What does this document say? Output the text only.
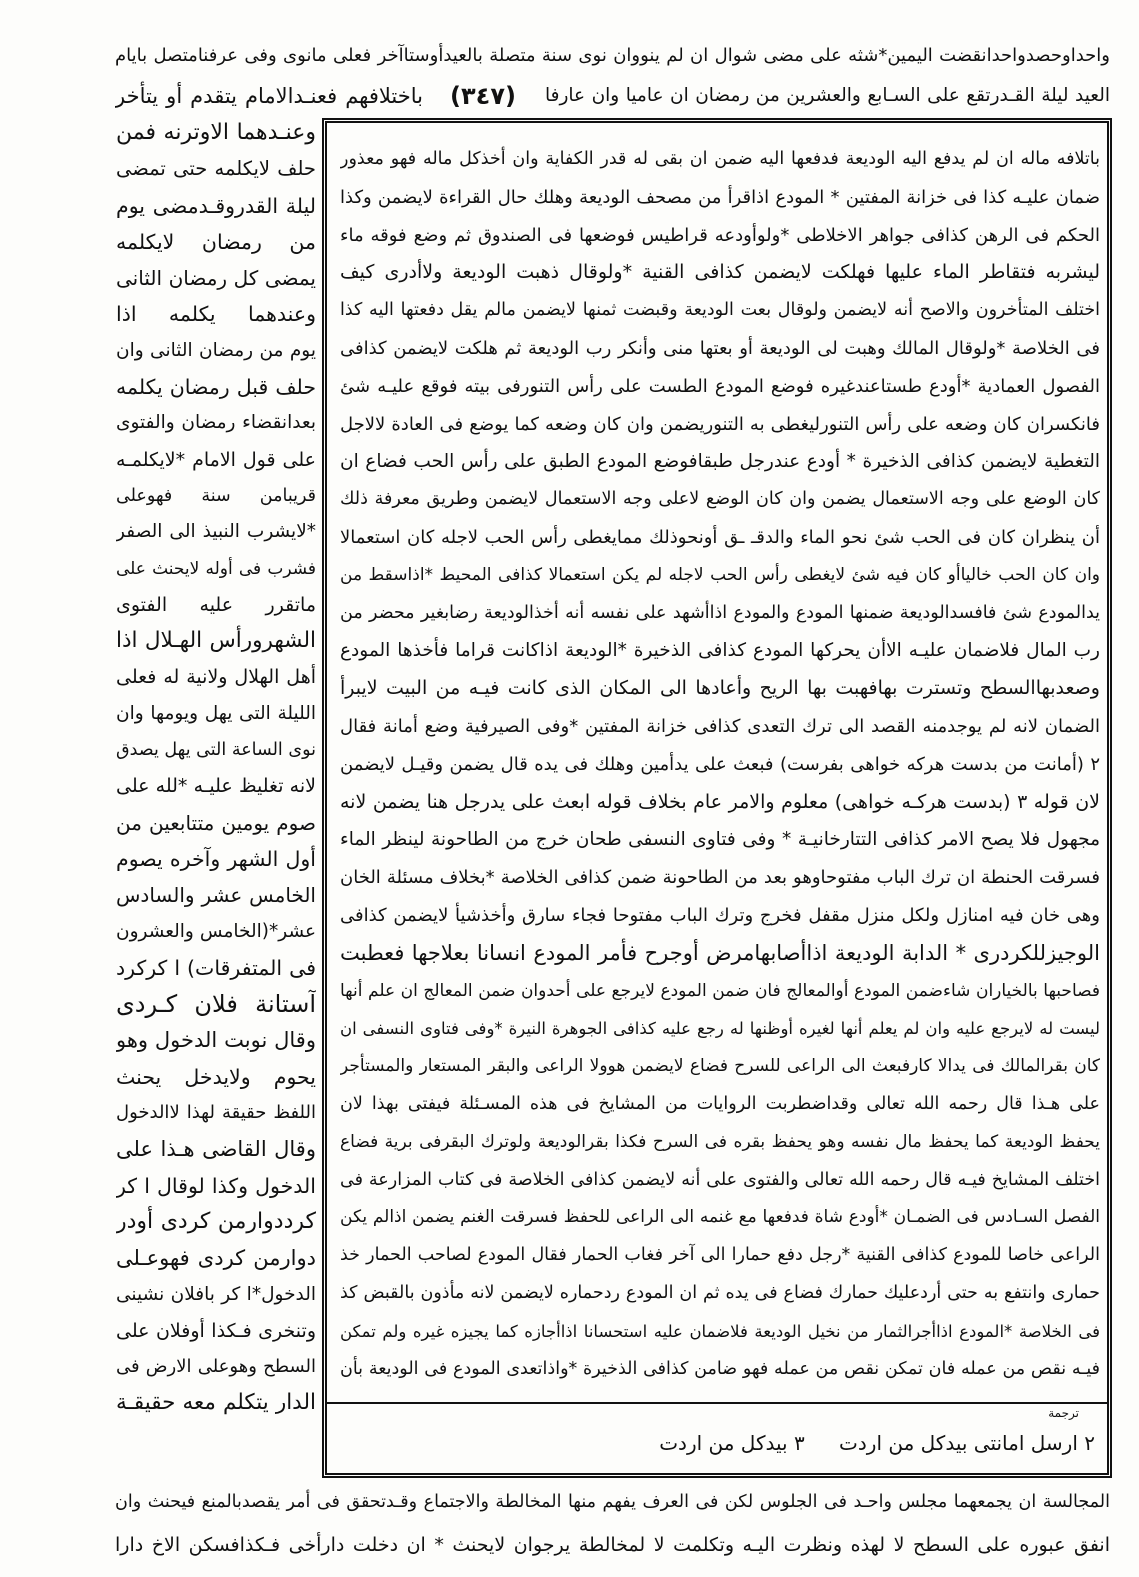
واحداوحصدواحدانقضت اليمين*شثه على مضى شوال ان لم ينووان نوى سنة متصلة بالعيدأوستاآخر فعلى مانوى وفى عرفنامتصل بايام
العيد ليلة القـدرتقع على السـابع والعشرين من رمضان ان عاميا وان عارفا
(٣٤٧)
باختلافهم فعنـدالامام يتقدم أو يتأخر
باتلافه ماله ان لم يدفع اليه الوديعة فدفعها اليه ضمن ان بقى له قدر الكفاية وان أخذكل ماله فهو معذور
ضمان عليـه كذا فى خزانة المفتين * المودع اذاقرأ من مصحف الوديعة وهلك حال القراءة لايضمن وكذا
الحكم فى الرهن كذافى جواهر الاخلاطى *ولوأودعه قراطيس فوضعها فى الصندوق ثم وضع فوقه ماء
ليشربه فتقاطر الماء عليها فهلكت لايضمن كذافى القنية *ولوقال ذهبت الوديعة ولاأدرى كيف
اختلف المتأخرون والاصح أنه لايضمن ولوقال بعت الوديعة وقبضت ثمنها لايضمن مالم يقل دفعتها اليه كذا
فى الخلاصة *ولوقال المالك وهبت لى الوديعة أو بعتها منى وأنكر رب الوديعة ثم هلكت لايضمن كذافى
الفصول العمادية *أودع طستاعندغيره فوضع المودع الطست على رأس التنورفى بيته فوقع عليـه شئ
فانكسران كان وضعه على رأس التنورليغطى به التنوريضمن وان كان وضعه كما يوضع فى العادة لالاجل
التغطية لايضمن كذافى الذخيرة * أودع عندرجل طبقافوضع المودع الطبق على رأس الحب فضاع ان
كان الوضع على وجه الاستعمال يضمن وان كان الوضع لاعلى وجه الاستعمال لايضمن وطريق معرفة ذلك
أن ينظران كان فى الحب شئ نحو الماء والدقـ ـق أونحوذلك ممايغطى رأس الحب لاجله كان استعمالا
وان كان الحب خالياأو كان فيه شئ لايغطى رأس الحب لاجله لم يكن استعمالا كذافى المحيط *اذاسقط من
يدالمودع شئ فافسدالوديعة ضمنها المودع والمودع اذاأشهد على نفسه أنه أخذالوديعة رضابغير محضر من
رب المال فلاضمان عليـه الاأن يحركها المودع كذافى الذخيرة *الوديعة اذاكانت قراما فأخذها المودع
وصعدبهاالسطح وتسترت بهافهبت بها الريح وأعادها الى المكان الذى كانت فيـه من البيت لايبرأ
الضمان لانه لم يوجدمنه القصد الى ترك التعدى كذافى خزانة المفتين *وفى الصيرفية وضع أمانة فقال
٢ (أمانت من بدست هركه خواهى بفرست) فبعث على يدأمين وهلك فى يده قال يضمن وقيـل لايضمن
لان قوله ٣ (بدست هركـه خواهى) معلوم والامر عام بخلاف قوله ابعث على يدرجل هنا يضمن لانه
مجهول فلا يصح الامر كذافى التتارخانيـة * وفى فتاوى النسفى طحان خرج من الطاحونة لينظر الماء
فسرقت الحنطة ان ترك الباب مفتوحاوهو بعد من الطاحونة ضمن كذافى الخلاصة *بخلاف مسئلة الخان
وهى خان فيه امنازل ولكل منزل مقفل فخرج وترك الباب مفتوحا فجاء سارق وأخذشيأ لايضمن كذافى
الوجيزللكردرى * الدابة الوديعة اذاأصابهامرض أوجرح فأمر المودع انسانا بعلاجها فعطبت
فصاحبها بالخياران شاءضمن المودع أوالمعالج فان ضمن المودع لايرجع على أحدوان ضمن المعالج ان علم أنها
ليست له لايرجع عليه وان لم يعلم أنها لغيره أوظنها له رجع عليه كذافى الجوهرة النيرة *وفى فتاوى النسفى ان
كان بقرالمالك فى يدالا كارفبعث الى الراعى للسرح فضاع لايضمن هوولا الراعى والبقر المستعار والمستأجر
على هـذا قال رحمه الله تعالى وقداضطربت الروايات من المشايخ فى هذه المسـئلة فيفتى بهذا لان
يحفظ الوديعة كما يحفظ مال نفسه وهو يحفظ بقره فى السرح فكذا بقرالوديعة ولوترك البقرفى برية فضاع
اختلف المشايخ فيـه قال رحمه الله تعالى والفتوى على أنه لايضمن كذافى الخلاصة فى كتاب المزارعة فى
الفصل السـادس فى الضمـان *أودع شاة فدفعها مع غنمه الى الراعى للحفظ فسرقت الغنم يضمن اذالم يكن
الراعى خاصا للمودع كذافى القنية *رجل دفع حمارا الى آخر فغاب الحمار فقال المودع لصاحب الحمار خذ
حمارى وانتفع به حتى أردعليك حمارك فضاع فى يده ثم ان المودع ردحماره لايضمن لانه مأذون بالقبض كذ
فى الخلاصة *المودع اذاأجرالثمار من نخيل الوديعة فلاضمان عليه استحسانا اذاأجازه كما يجيزه غيره ولم تمكن
فيـه نقص من عمله فان تمكن نقص من عمله فهو ضامن كذافى الذخيرة *واذاتعدى المودع فى الوديعة بأن
ترجمة
٢ ارسل امانتى بيدكل من اردت ٣ بيدكل من اردت
وعنـدهما الاوترنه فمن
حلف لايكلمه حتى تمضى
ليلة القدروقـدمضى يوم
من رمضان لايكلمه
يمضى كل رمضان الثانى
وعندهما يكلمه اذا
يوم من رمضان الثانى وان
حلف قبل رمضان يكلمه
بعدانقضاء رمضان والفتوى
على قول الامام *لايكلمـه
قريبامن سنة فهوعلى
*لايشرب النبيذ الى الصفر
فشرب فى أوله لايحنث على
ماتقرر عليه الفتوى
الشهرورأس الهـلال اذا
أهل الهلال ولانية له فعلى
الليلة التى يهل ويومها وان
نوى الساعة التى يهل يصدق
لانه تغليظ عليـه *لله على
صوم يومين متتابعين من
أول الشهر وآخره يصوم
الخامس عشر والسادس
عشر*(الخامس والعشرون
فى المتفرقات) ا كركرد
آستانة فلان كـردى
وقال نوبت الدخول وهو
يحوم ولايدخل يحنث
اللفظ حقيقة لهذا لاالدخول
وقال القاضى هـذا على
الدخول وكذا لوقال ا كر
كرددوارمن كردى أودر
دوارمن كردى فهوعـلى
الدخول*ا كر بافلان نشينى
وتنخرى فـكذا أوفلان على
السطح وهوعلى الارض فى
الدار يتكلم معه حقيقـة
المجالسة ان يجمعهما مجلس واحـد فى الجلوس لكن فى العرف يفهم منها المخالطة والاجتماع وقـدتحقق فى أمر يقصدبالمنع فيحنث وان
انفق عبوره على السطح لا لهذه ونظرت اليـه وتكلمت لا لمخالطة يرجوان لايحنث * ان دخلت دارأخى فـكذافسكن الاخ دارا
